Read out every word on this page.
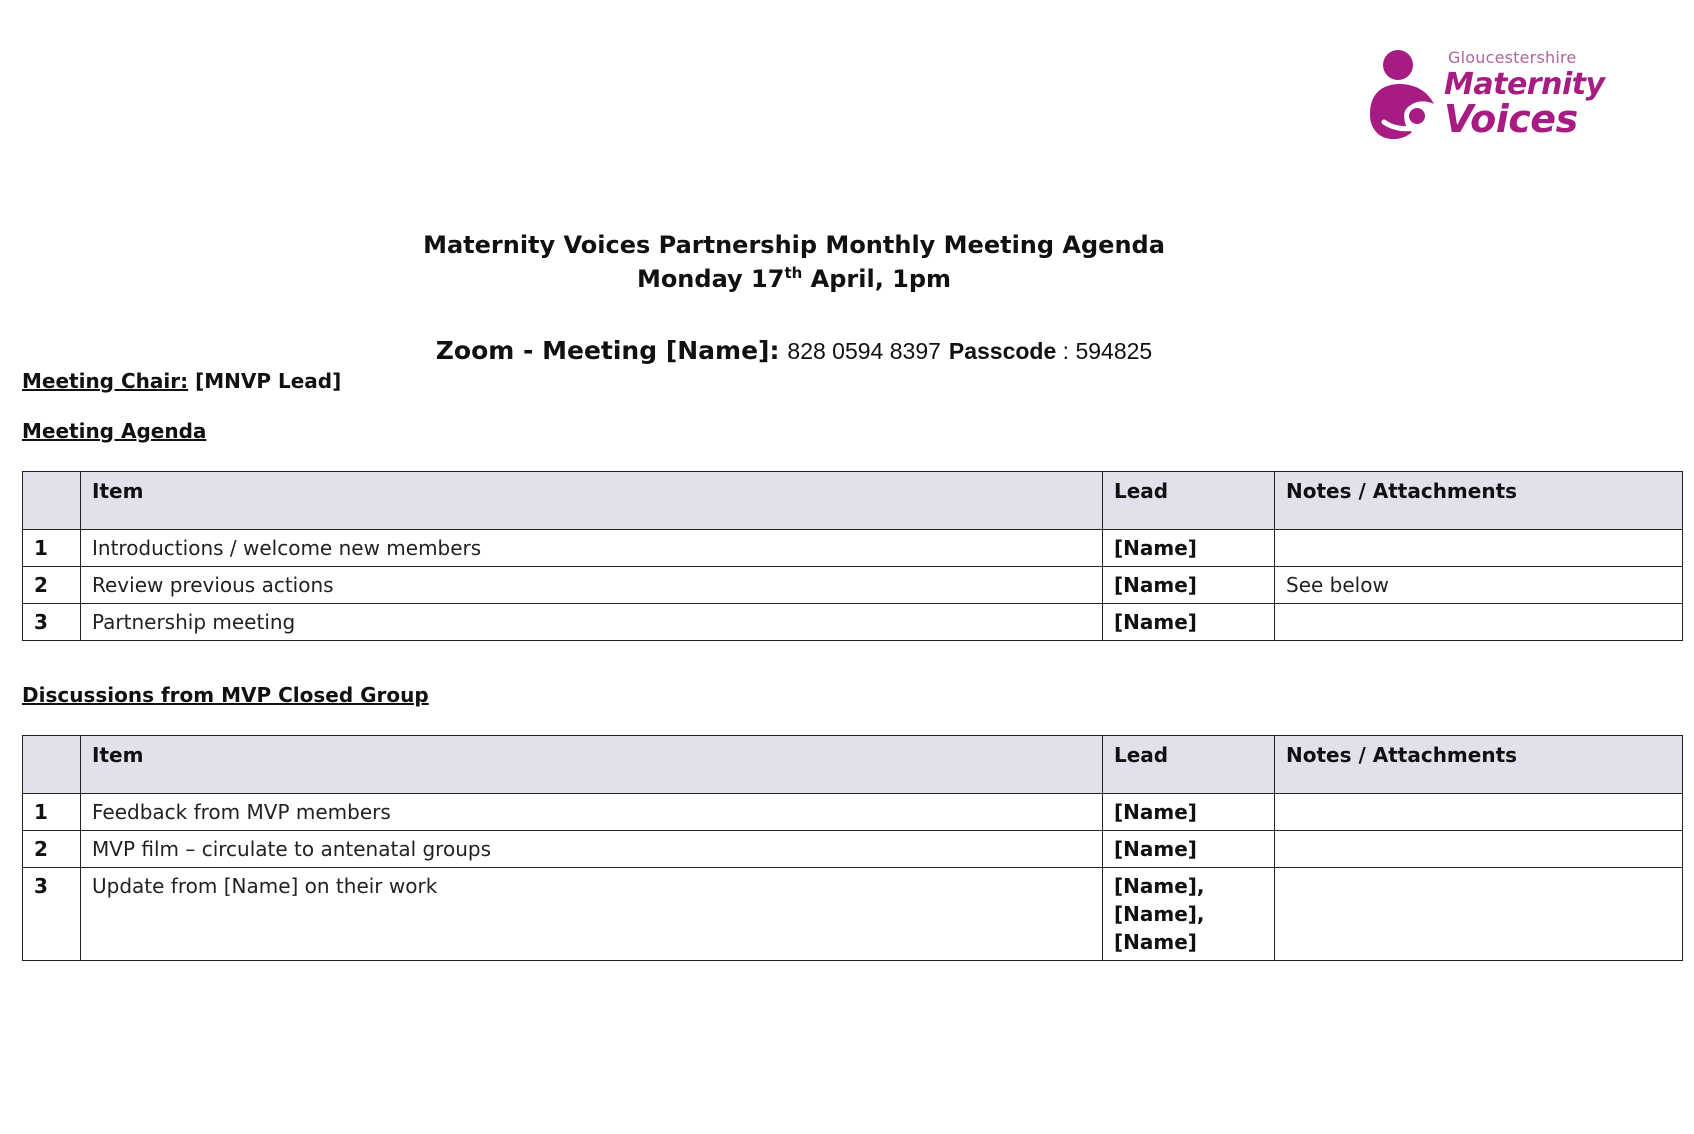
Gloucestershire
Maternity
Voices
Maternity Voices Partnership Monthly Meeting Agenda
Monday 17th April, 1pm
Zoom - Meeting [Name]: 828 0594 8397 Passcode : 594825
Meeting Chair: [MNVP Lead]
Meeting Agenda
	Item	Lead	Notes / Attachments
1	Introductions / welcome new members	[Name]	

2	Review previous actions	[Name]	See below
3	Partnership meeting	[Name]	

Discussions from MVP Closed Group
	Item	Lead	Notes / Attachments
1	Feedback from MVP members	[Name]	

2	MVP film – circulate to antenatal groups	[Name]	

3	Update from [Name] on their work	[Name],
[Name],
[Name]	
